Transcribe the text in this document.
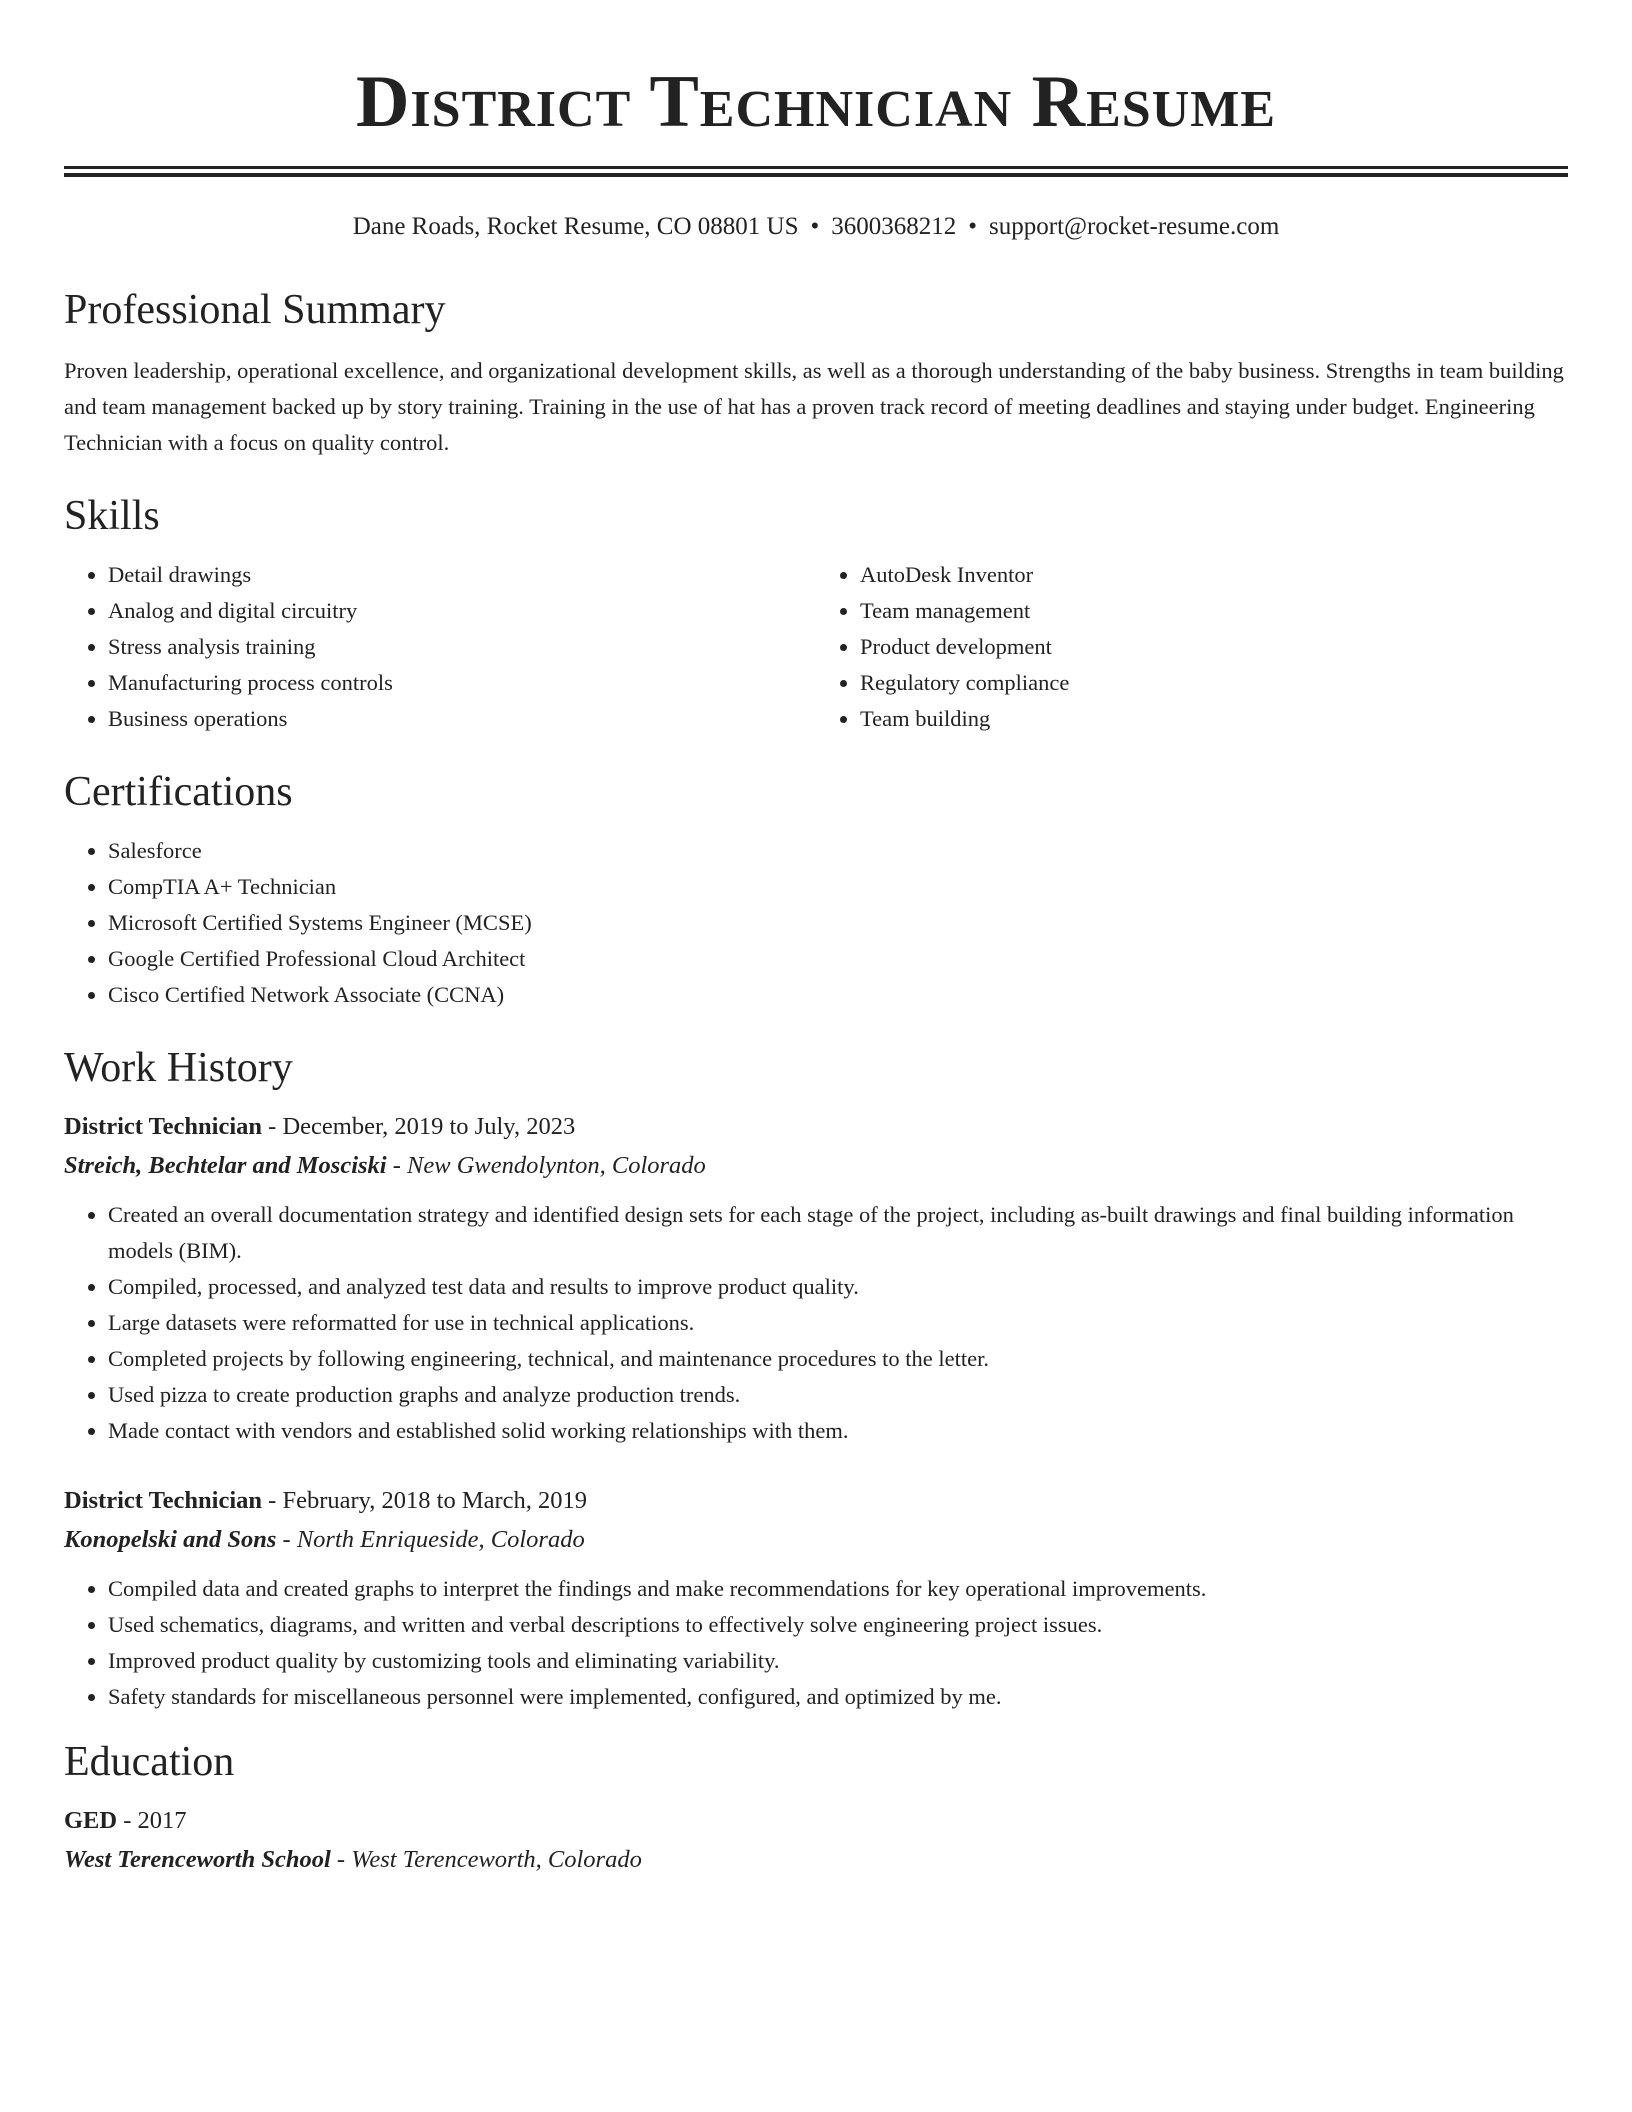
District Technician Resume
Dane Roads, Rocket Resume, CO 08801 US • 3600368212 • support@rocket-resume.com
Professional Summary

Proven leadership, operational excellence, and organizational development skills, as well as a thorough understanding of the baby business. Strengths in team building and team management backed up by story training. Training in the use of hat has a proven track record of meeting deadlines and staying under budget. Engineering Technician with a focus on quality control.

Skills
• Detail drawings
• Analog and digital circuitry
• Stress analysis training
• Manufacturing process controls
• Business operations
• AutoDesk Inventor
• Team management
• Product development
• Regulatory compliance
• Team building
Certifications
• Salesforce
• CompTIA A+ Technician
• Microsoft Certified Systems Engineer (MCSE)
• Google Certified Professional Cloud Architect
• Cisco Certified Network Associate (CCNA)
Work History
District Technician - December, 2019 to July, 2023
Streich, Bechtelar and Mosciski - New Gwendolynton, Colorado
• Created an overall documentation strategy and identified design sets for each stage of the project, including as-built drawings and final building information models (BIM).
• Compiled, processed, and analyzed test data and results to improve product quality.
• Large datasets were reformatted for use in technical applications.
• Completed projects by following engineering, technical, and maintenance procedures to the letter.
• Used pizza to create production graphs and analyze production trends.
• Made contact with vendors and established solid working relationships with them.
District Technician - February, 2018 to March, 2019
Konopelski and Sons - North Enriqueside, Colorado
• Compiled data and created graphs to interpret the findings and make recommendations for key operational improvements.
• Used schematics, diagrams, and written and verbal descriptions to effectively solve engineering project issues.
• Improved product quality by customizing tools and eliminating variability.
• Safety standards for miscellaneous personnel were implemented, configured, and optimized by me.
Education
GED - 2017
West Terenceworth School - West Terenceworth, Colorado
